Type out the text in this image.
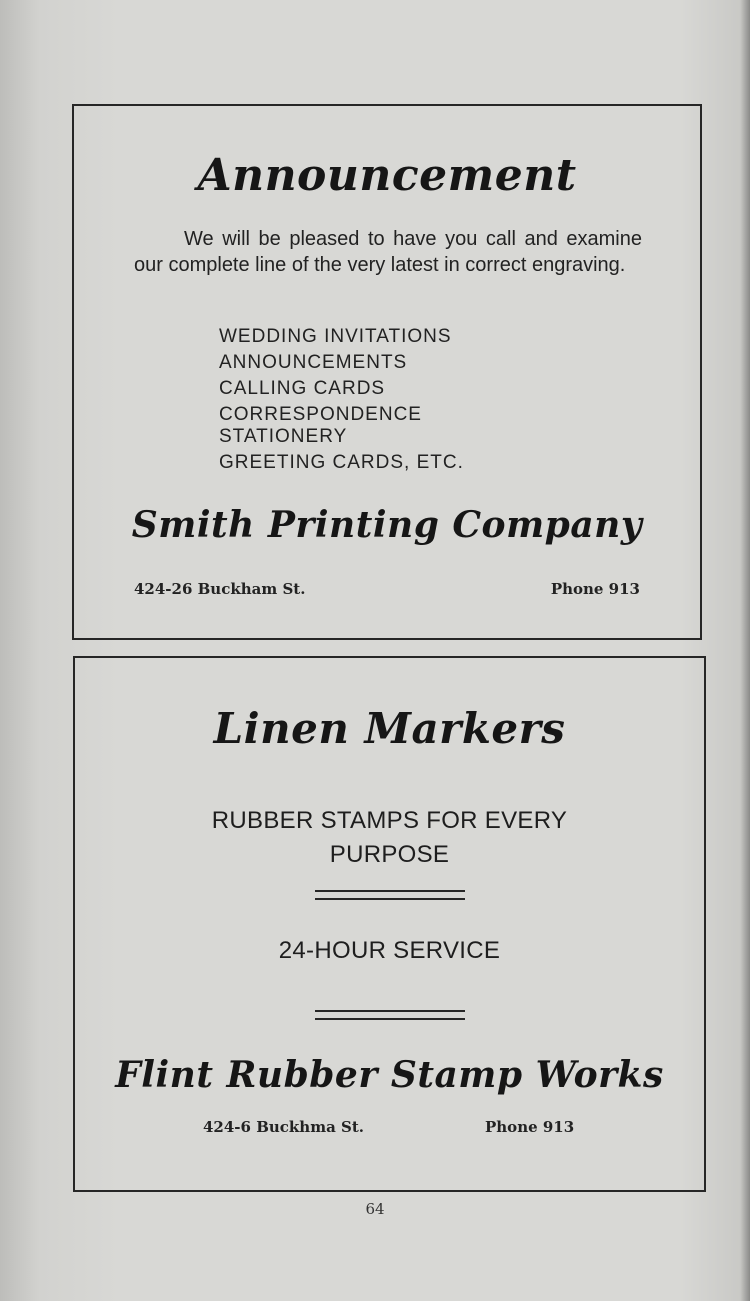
Announcement
We will be pleased to have you call and examine our complete line of the very latest in correct engraving.
WEDDING INVITATIONS
ANNOUNCEMENTS
CALLING CARDS
CORRESPONDENCE
STATIONERY
GREETING CARDS, ETC.
Smith Printing Company
424-26 Buckham St.	Phone 913
Linen Markers
RUBBER STAMPS FOR EVERY PURPOSE
24-HOUR SERVICE
Flint Rubber Stamp Works
424-6 Buckhma St.	Phone 913
64
